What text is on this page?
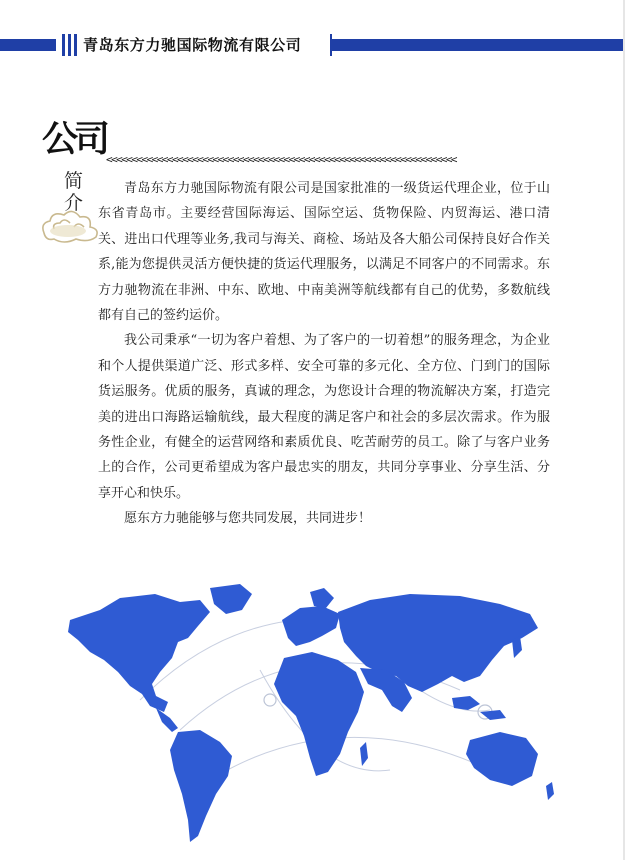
青岛东方力驰国际物流有限公司
公司
简介
<<<<<<<<<<<<<<<<<<<<<<<<<<<<<<<<<<<<<<<<<<<<<<<<<<<<<<<<<<<<<<<<<<<<<

青岛东方力驰国际物流有限公司是国家批准的一级货运代理企业，位于山东省青岛市。主要经营国际海运、国际空运、货物保险、内贸海运、港口清关、进出口代理等业务,我司与海关、商检、场站及各大船公司保持良好合作关系,能为您提供灵活方便快捷的货运代理服务，以满足不同客户的不同需求。东方力驰物流在非洲、中东、欧地、中南美洲等航线都有自己的优势，多数航线都有自己的签约运价。

我公司秉承“一切为客户着想、为了客户的一切着想”的服务理念，为企业和个人提供渠道广泛、形式多样、安全可靠的多元化、全方位、门到门的国际货运服务。优质的服务，真诚的理念，为您设计合理的物流解决方案，打造完美的进出口海路运输航线，最大程度的满足客户和社会的多层次需求。作为服务性企业，有健全的运营网络和素质优良、吃苦耐劳的员工。除了与客户业务上的合作，公司更希望成为客户最忠实的朋友，共同分享事业、分享生活、分享开心和快乐。

愿东方力驰能够与您共同发展，共同进步！
